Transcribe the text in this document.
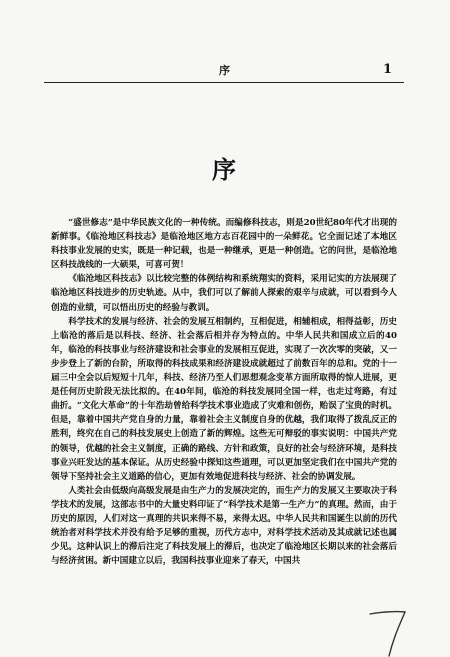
序	1
序

“盛世修志”是中华民族文化的一种传统。而编修科技志，则是20世纪80年代才出现的新鲜事。《临沧地区科技志》是临沧地区地方志百花园中的一朵鲜花。它全面记述了本地区科技事业发展的史实，既是一种记载，也是一种继承，更是一种创造。它的问世，是临沧地区科技战线的一大硕果，可喜可贺！

《临沧地区科技志》以比较完整的体例结构和系统翔实的资料，采用记实的方法展现了临沧地区科技进步的历史轨迹。从中，我们可以了解前人探索的艰辛与成就，可以看到今人创造的业绩，可以悟出历史的经验与教训。

科学技术的发展与经济、社会的发展互相制约，互相促进，相辅相成，相得益彰，历史上临沧的落后是以科技、经济、社会落后相并存为特点的。中华人民共和国成立后的40年，临沧的科技事业与经济建设和社会事业的发展相互促进，实现了一次次零的突破，又一步步登上了新的台阶，所取得的科技成果和经济建设成就超过了前数百年的总和。党的十一届三中全会以后短短十几年，科技、经济乃至人们思想观念变革方面所取得的惊人进展，更是任何历史阶段无法比拟的。在40年间，临沧的科技发展同全国一样，也走过弯路，有过曲折。“文化大革命”的十年浩劫曾给科学技术事业造成了灾难和创伤，贻误了宝贵的时机。但是，靠着中国共产党自身的力量，靠着社会主义制度自身的优越，我们取得了拨乱反正的胜利，终究在自己的科技发展史上创造了新的辉煌。这些无可辩驳的事实说明：中国共产党的领导，优越的社会主义制度，正确的路线、方针和政策，良好的社会与经济环境，是科技事业兴旺发达的基本保证。从历史经验中探知这些道理，可以更加坚定我们在中国共产党的领导下坚持社会主义道路的信心，更加有效地促进科技与经济、社会的协调发展。

人类社会由低级向高级发展是由生产力的发展决定的，而生产力的发展又主要取决于科学技术的发展，这部志书中的大量史料印证了“科学技术是第一生产力”的真理。然而，由于历史的原因，人们对这一真理的共识来得不易，来得太迟。中华人民共和国诞生以前的历代统治者对科学技术并没有给予足够的重视，历代方志中，对科学技术活动及其成就记述也属少见。这种认识上的滞后注定了科技发展上的滞后，也决定了临沧地区长期以来的社会落后与经济贫困。新中国建立以后，我国科技事业迎来了春天，中国共
